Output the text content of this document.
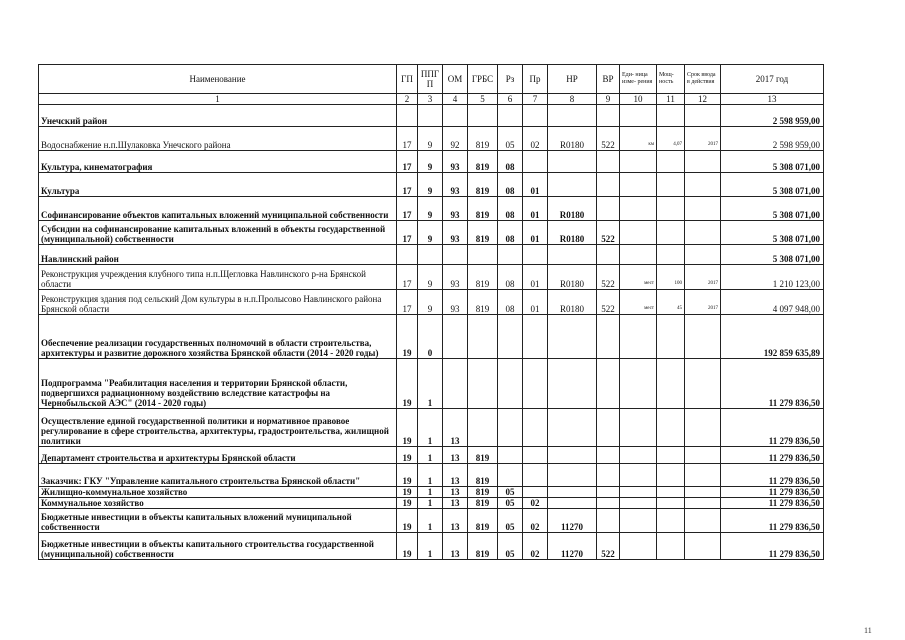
Наименование	ГП	ППГ П	ОМ	ГРБС	Рз	Пр	НР	ВР	Еди- ница изме- рения	Мощ- ность	Срок ввода в действия	2017 год
1	2	3	4	5	6	7	8	9	10	11	12	13
Унечский район												2 598 959,00
Водоснабжение н.п.Шулаковка Унечского района	17	9	92	819	05	02	R0180	522	км	4,07	2017	2 598 959,00
Культура, кинематография	17	9	93	819	08							5 308 071,00
Культура	17	9	93	819	08	01						5 308 071,00
Софинансирование объектов капитальных вложений муниципальной собственности	17	9	93	819	08	01	R0180					5 308 071,00
Субсидии на софинансирование капитальных вложений в объекты государственной (муниципальной) собственности	17	9	93	819	08	01	R0180	522				5 308 071,00
Навлинский район												5 308 071,00
Реконструкция учреждения клубного типа н.п.Щегловка Навлинского р-на Брянской области	17	9	93	819	08	01	R0180	522	мест	100	2017	1 210 123,00
Реконструкция здания под сельский Дом культуры в н.п.Пролысово Навлинского района Брянской области	17	9	93	819	08	01	R0180	522	мест	45	2017	4 097 948,00
Обеспечение реализации государственных полномочий в области строительства, архитектуры и развитие дорожного хозяйства Брянской области (2014 - 2020 годы)	19	0										192 859 635,89
Подпрограмма "Реабилитация населения и территории Брянской области, подвергшихся радиационному воздействию вследствие катастрофы на Чернобыльской АЭС" (2014 - 2020 годы)	19	1										11 279 836,50
Осуществление единой государственной политики и нормативное правовое регулирование в сфере строительства, архитектуры, градостроительства, жилищной политики	19	1	13									11 279 836,50
Департамент строительства и архитектуры Брянской области	19	1	13	819								11 279 836,50
Заказчик: ГКУ "Управление капитального строительства Брянской области"	19	1	13	819								11 279 836,50
Жилищно-коммунальное хозяйство	19	1	13	819	05							11 279 836,50
Коммунальное хозяйство	19	1	13	819	05	02						11 279 836,50
Бюджетные инвестиции в объекты капитальных вложений муниципальной собственности	19	1	13	819	05	02	11270					11 279 836,50
Бюджетные инвестиции в объекты капитального строительства государственной (муниципальной) собственности	19	1	13	819	05	02	11270	522				11 279 836,50
11
